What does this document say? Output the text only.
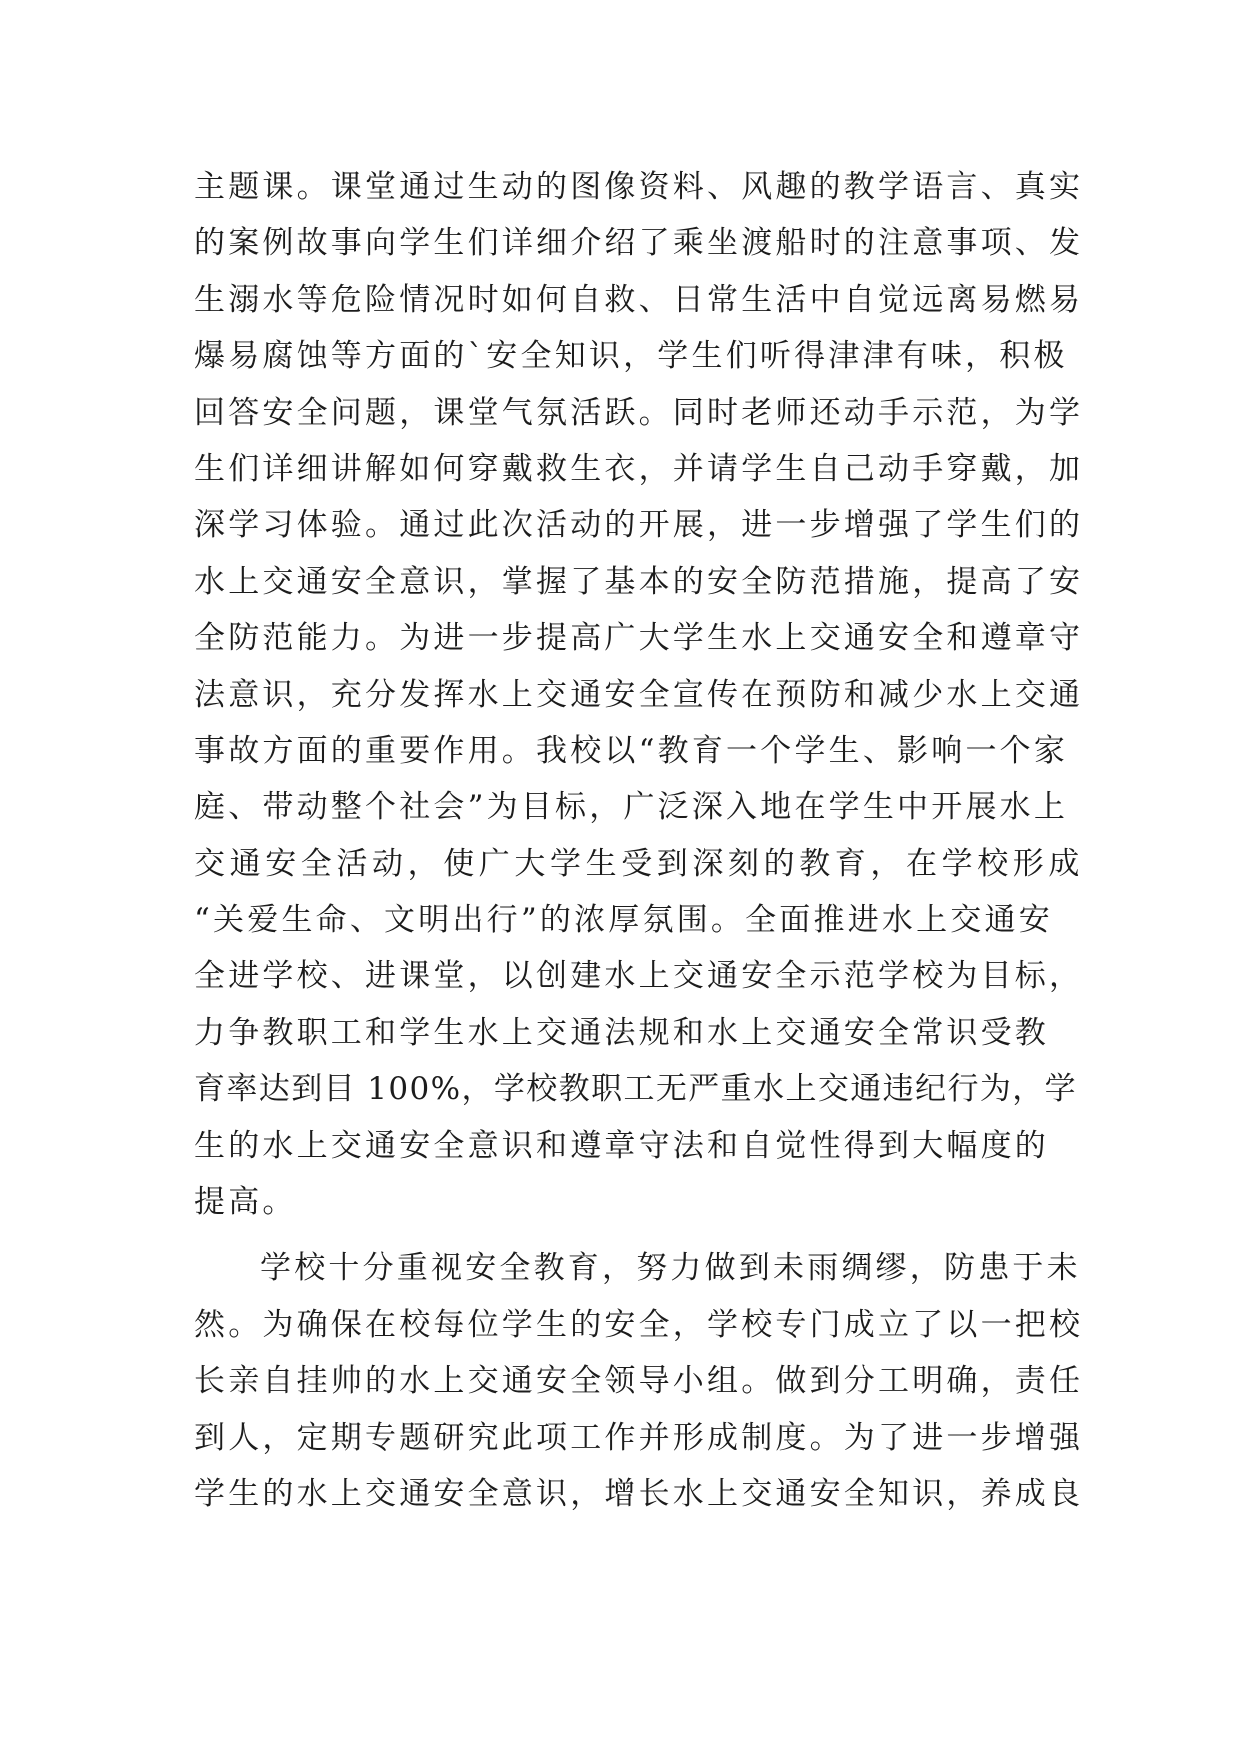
主题课。课堂通过生动的图像资料、风趣的教学语言、真实
的案例故事向学生们详细介绍了乘坐渡船时的注意事项、发
生溺水等危险情况时如何自救、日常生活中自觉远离易燃易
爆易腐蚀等方面的`安全知识，学生们听得津津有味，积极
回答安全问题，课堂气氛活跃。同时老师还动手示范，为学
生们详细讲解如何穿戴救生衣，并请学生自己动手穿戴，加
深学习体验。通过此次活动的开展，进一步增强了学生们的
水上交通安全意识，掌握了基本的安全防范措施，提高了安
全防范能力。为进一步提高广大学生水上交通安全和遵章守
法意识，充分发挥水上交通安全宣传在预防和减少水上交通
事故方面的重要作用。我校以“教育一个学生、影响一个家
庭、带动整个社会”为目标，广泛深入地在学生中开展水上
交通安全活动，使广大学生受到深刻的教育，在学校形成
“关爱生命、文明出行”的浓厚氛围。全面推进水上交通安
全进学校、进课堂，以创建水上交通安全示范学校为目标，
力争教职工和学生水上交通法规和水上交通安全常识受教
育率达到目 100%，学校教职工无严重水上交通违纪行为，学
生的水上交通安全意识和遵章守法和自觉性得到大幅度的
提高。
学校十分重视安全教育，努力做到未雨绸缪，防患于未
然。为确保在校每位学生的安全，学校专门成立了以一把校
长亲自挂帅的水上交通安全领导小组。做到分工明确，责任
到人，定期专题研究此项工作并形成制度。为了进一步增强
学生的水上交通安全意识，增长水上交通安全知识，养成良
